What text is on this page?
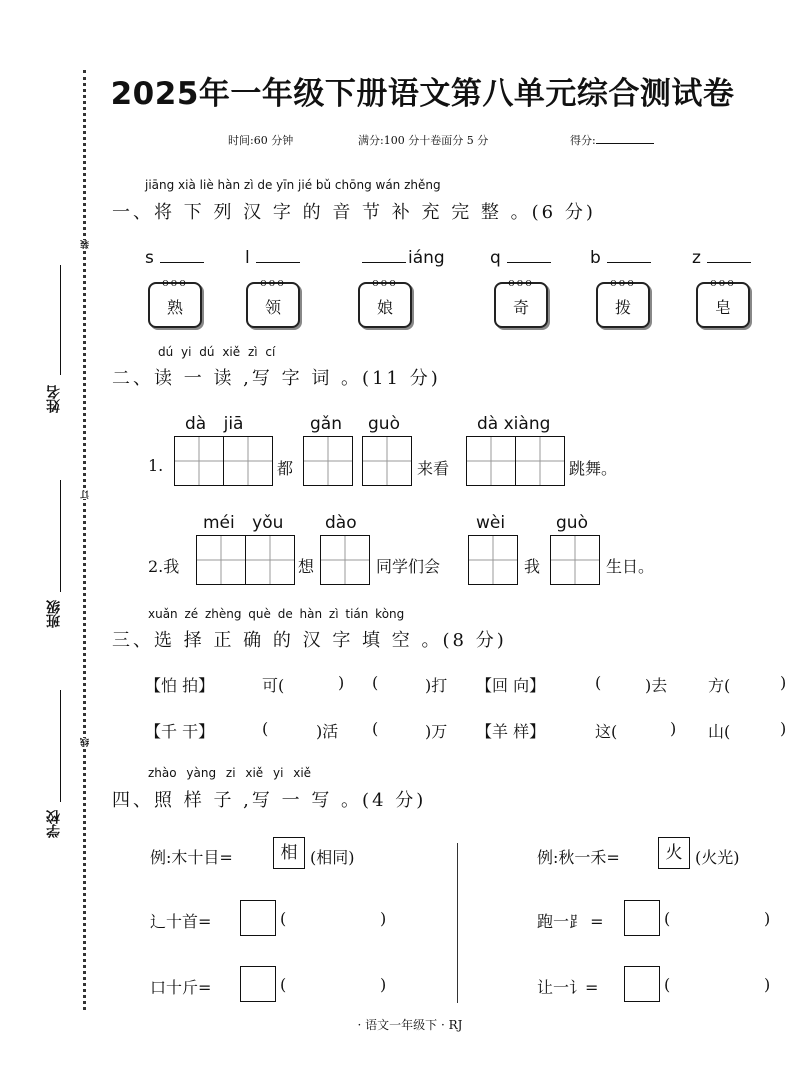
姓名
班级
学校
装
订
线
2025年一年级下册语文第八单元综合测试卷
时间:60 分钟	满分:100 分十卷面分 5 分	得分:
jiāng xià liè hàn zì de yīn jié bǔ chōng wán zhěng
一、将 下 列 汉 字 的 音 节 补 充 完 整 。(6 分)
s	l	iáng	q	b	z
ooo
熟
ooo
领
ooo
娘
ooo
奇
ooo
拨
ooo
皂
dú yi dú xiě zì cí
二、读 一 读 ,写 字 词 。(11 分)
dà jiā	gǎn guò	dà xiàng
1.	都	来看	跳舞。
méi yǒu dào	wèi	guò
2.我	想	同学们会	我	生日。
xuǎn zé zhèng què de hàn zì tián kòng
三、选 择 正 确 的 汉 字 填 空 。(8 分)
【怕 拍】	可(	) (	)打 【回 向】	(	)去	方(	)
【千 干】	(	)活 (	)万 【羊 样】	这(	) 山(	)
zhào yàng zi xiě yi xiě
四、照 样 子 ,写 一 写 。(4 分)
例:木十目=	相 (相同)	例:秋一禾=	火 (火光)
辶十首=	(	)	跑一⻊ =	(	)
口十斤=	(	)	让一讠=	(	)
· 语文一年级下 · RJ
